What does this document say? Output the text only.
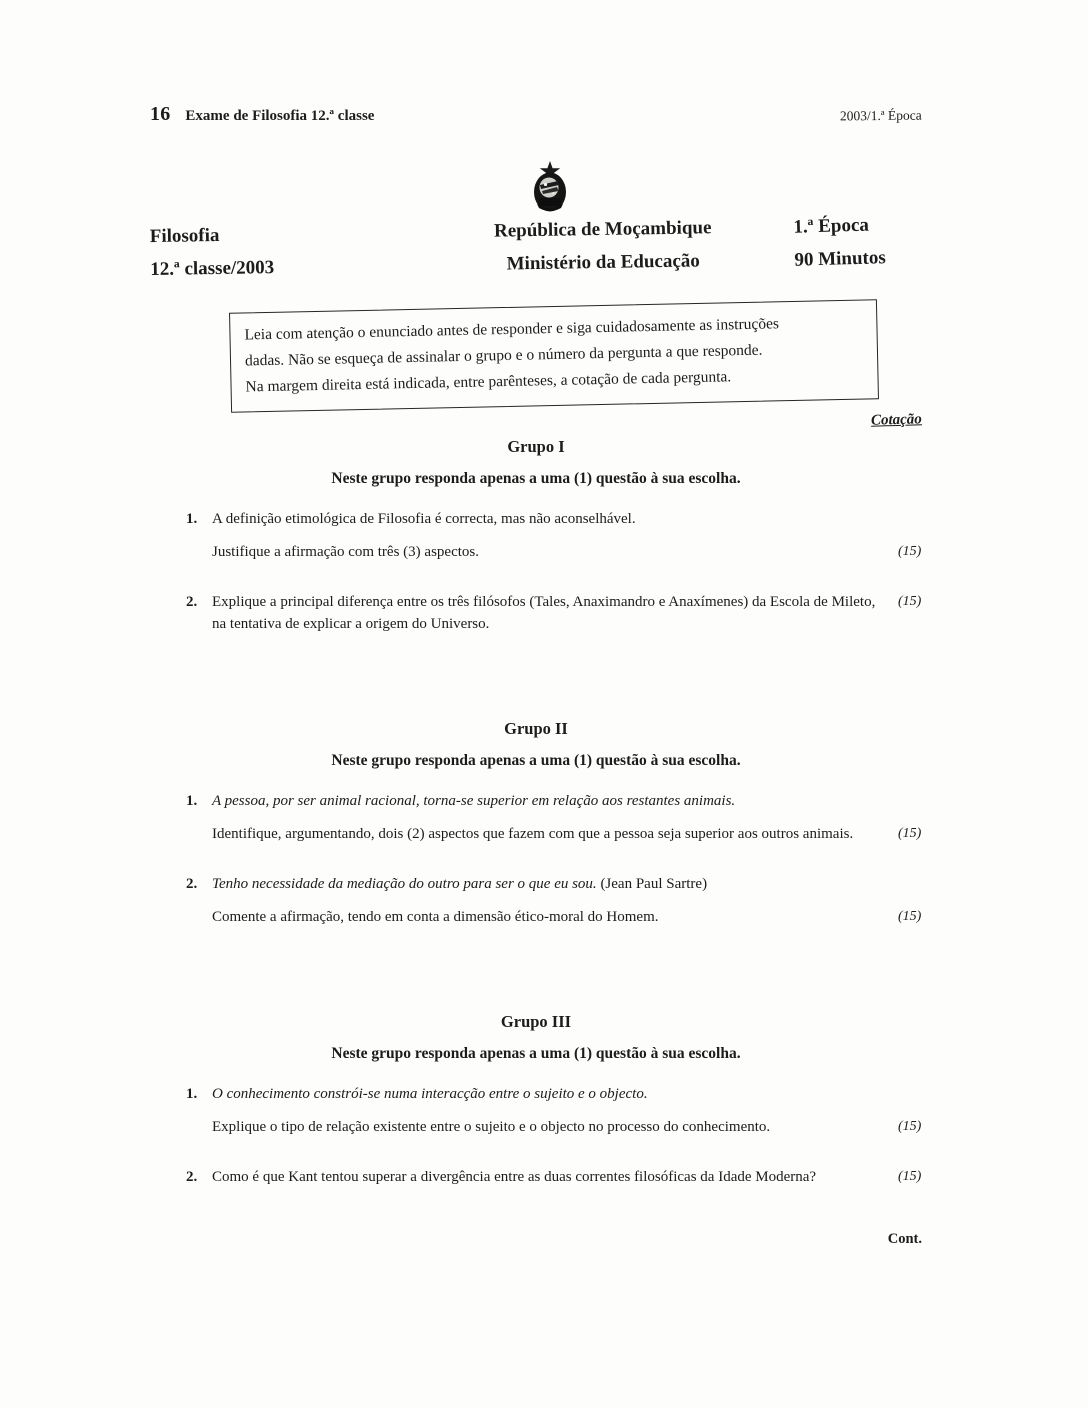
16 Exame de Filosofia 12.ª classe	2003/1.ª Época
Filosofia
12.ª classe/2003
República de Moçambique
Ministério da Educação
1.ª Época
90 Minutos
Leia com atenção o enunciado antes de responder e siga cuidadosamente as instruções
dadas. Não se esqueça de assinalar o grupo e o número da pergunta a que responde.
Na margem direita está indicada, entre parênteses, a cotação de cada pergunta.
Cotação
Grupo I
Neste grupo responda apenas a uma (1) questão à sua escolha.
1. A definição etimológica de Filosofia é correcta, mas não aconselhável.

Justifique a afirmação com três (3) aspectos.	(15)

2. Explique a principal diferença entre os três filósofos (Tales, Anaximandro e Anaxímenes) da Escola de Mileto, na tentativa de explicar a origem do Universo.
(15)

Grupo II
Neste grupo responda apenas a uma (1) questão à sua escolha.
1. A pessoa, por ser animal racional, torna-se superior em relação aos restantes animais.

Identifique, argumentando, dois (2) aspectos que fazem com que a pessoa seja superior aos outros animais.	(15)

2. Tenho necessidade da mediação do outro para ser o que eu sou. (Jean Paul Sartre)

Comente a afirmação, tendo em conta a dimensão ético-moral do Homem.	(15)

Grupo III
Neste grupo responda apenas a uma (1) questão à sua escolha.
1. O conhecimento constrói-se numa interacção entre o sujeito e o objecto.

Explique o tipo de relação existente entre o sujeito e o objecto no processo do conhecimento.	(15)

2. Como é que Kant tentou superar a divergência entre as duas correntes filosóficas da Idade Moderna?	(15)

Cont.
